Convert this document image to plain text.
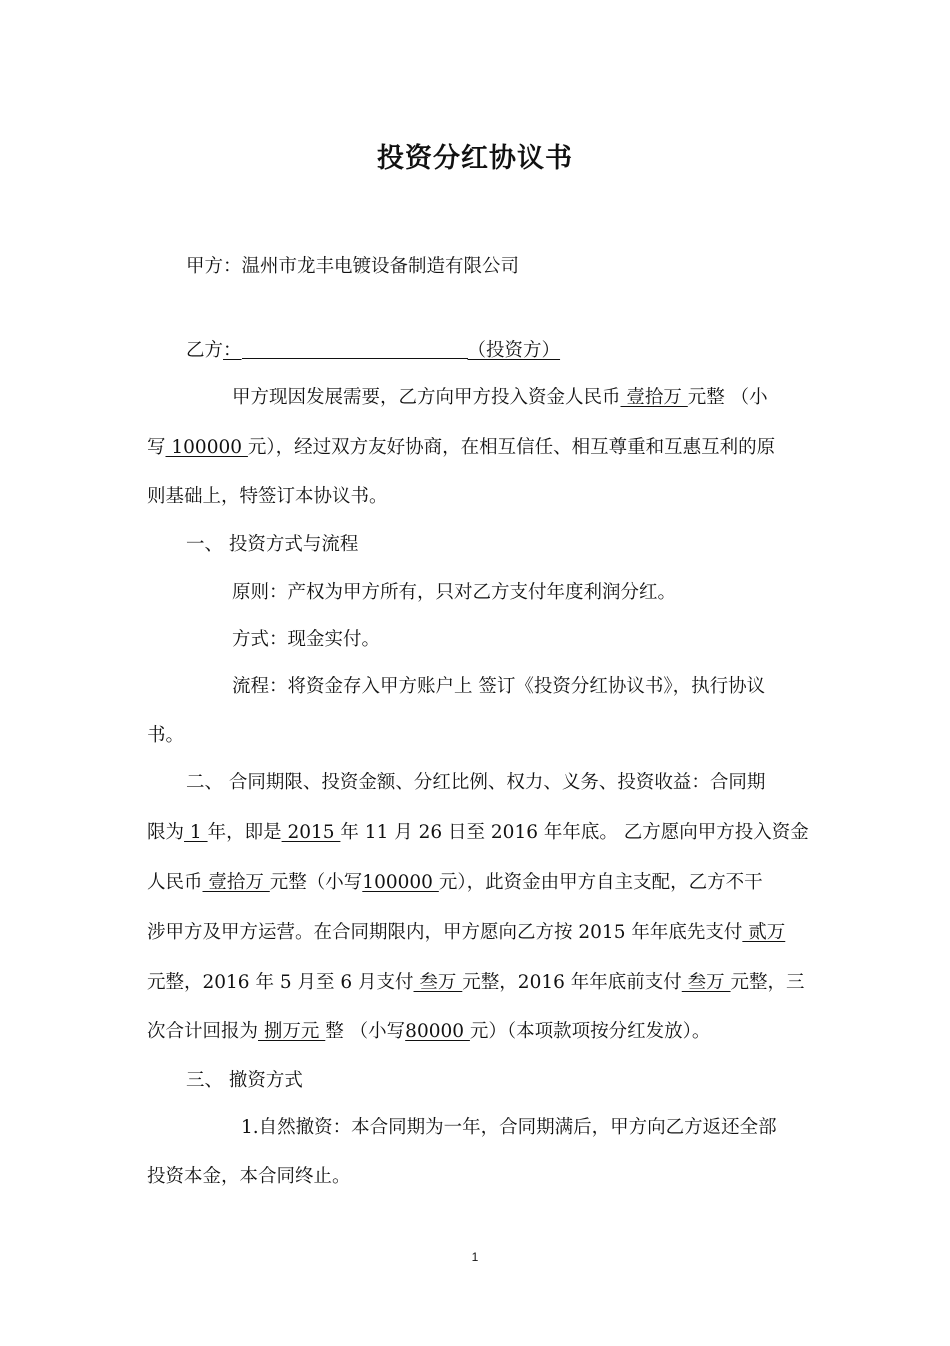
投资分红协议书
甲方：温州市龙丰电镀设备制造有限公司
乙方：	（投资方）
甲方现因发展需要，乙方向甲方投入资金人民币 壹拾万 元整 （小
写 100000 元），经过双方友好协商，在相互信任、相互尊重和互惠互利的原
则基础上，特签订本协议书。
一、 投资方式与流程
原则：产权为甲方所有，只对乙方支付年度利润分红。
方式：现金实付。
流程：将资金存入甲方账户上 签订《投资分红协议书》，执行协议
书。
二、 合同期限、投资金额、分红比例、权力、义务、投资收益：合同期
限为 1 年，即是 2015 年 11 月 26 日至 2016 年年底。 乙方愿向甲方投入资金
人民币 壹拾万 元整（小写100000 元），此资金由甲方自主支配，乙方不干
涉甲方及甲方运营。在合同期限内，甲方愿向乙方按 2015 年年底先支付 贰万
元整，2016 年 5 月至 6 月支付 叁万 元整，2016 年年底前支付 叁万 元整，三
次合计回报为 捌万元 整 （小写80000 元）（本项款项按分红发放）。
三、 撤资方式
1.自然撤资：本合同期为一年，合同期满后，甲方向乙方返还全部
投资本金，本合同终止。
1
